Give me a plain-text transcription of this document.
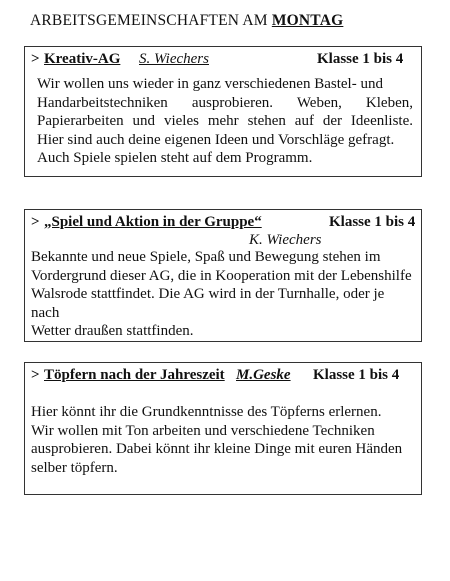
ARBEITSGEMEINSCHAFTEN AM MONTAG
> Kreativ-AG S. Wiechers	Klasse 1 bis 4
Wir wollen uns wieder in ganz verschiedenen Bastel- und
Handarbeitstechniken ausprobieren. Weben, Kleben,
Papierarbeiten und vieles mehr stehen auf der Ideenliste.
Hier sind auch deine eigenen Ideen und Vorschläge gefragt.
Auch Spiele spielen steht auf dem Programm.
> „Spiel und Aktion in der Gruppe“	Klasse 1 bis 4
K. Wiechers
Bekannte und neue Spiele, Spaß und Bewegung stehen im
Vordergrund dieser AG, die in Kooperation mit der Lebenshilfe
Walsrode stattfindet. Die AG wird in der Turnhalle, oder je nach
Wetter draußen stattfinden.
> Töpfern nach der Jahreszeit M.Geske Klasse 1 bis 4
Hier könnt ihr die Grundkenntnisse des Töpferns erlernen.
Wir wollen mit Ton arbeiten und verschiedene Techniken
ausprobieren. Dabei könnt ihr kleine Dinge mit euren Händen
selber töpfern.
